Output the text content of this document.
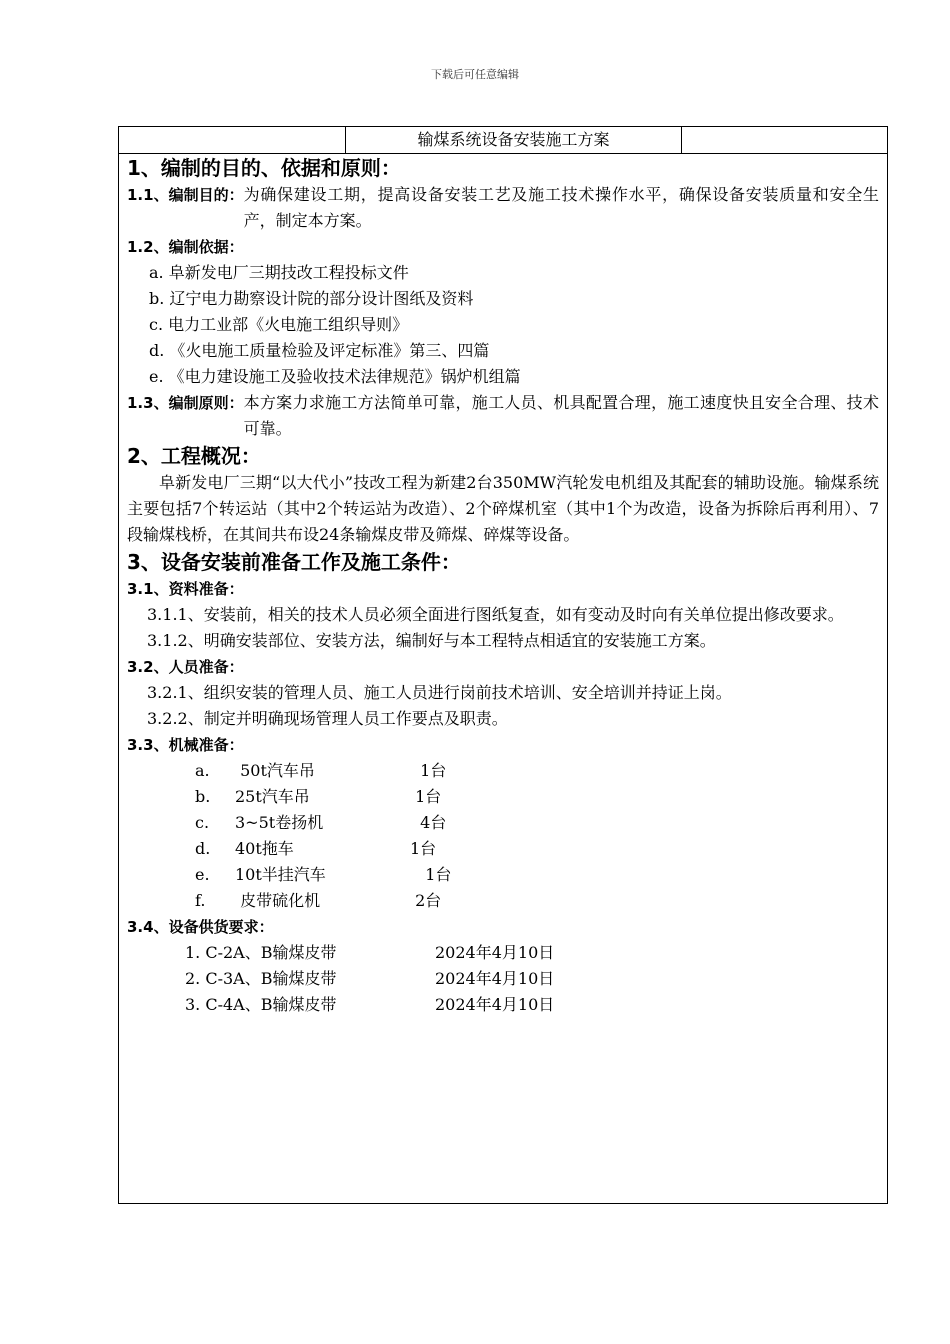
下载后可任意编辑
输煤系统设备安装施工方案
1、编制的目的、依据和原则：
1.1、编制目的： 为确保建设工期，提高设备安装工艺及施工技术操作水平，确保设备安装质量和安全生产，制定本方案。
1.2、编制依据：
a. 阜新发电厂三期技改工程投标文件
b. 辽宁电力勘察设计院的部分设计图纸及资料
c. 电力工业部《火电施工组织导则》
d. 《火电施工质量检验及评定标准》第三、四篇
e. 《电力建设施工及验收技术法律规范》锅炉机组篇
1.3、编制原则： 本方案力求施工方法简单可靠，施工人员、机具配置合理，施工速度快且安全合理、技术可靠。
2、工程概况：
阜新发电厂三期“以大代小”技改工程为新建2台350MW汽轮发电机组及其配套的辅助设施。输煤系统主要包括7个转运站（其中2个转运站为改造）、2个碎煤机室（其中1个为改造，设备为拆除后再利用）、7段输煤栈桥，在其间共布设24条输煤皮带及筛煤、碎煤等设备。
3、设备安装前准备工作及施工条件：
3.1、资料准备：
3.1.1、 安装前，相关的技术人员必须全面进行图纸复查，如有变动及时向有关单位提出修改要求。
3.1.2、明确安装部位、安装方法，编制好与本工程特点相适宜的安装施工方案。
3.2、人员准备：
3.2.1、组织安装的管理人员、施工人员进行岗前技术培训、安全培训并持证上岗。
3.2.2、制定并明确现场管理人员工作要点及职责。
3.3、机械准备：
a.	50t汽车吊	1台
b.	25t汽车吊	1台
c.	3~5t卷扬机	4台
d.	40t拖车	1台
e.	10t半挂汽车	1台
f.	皮带硫化机	2台
3.4、设备供货要求：
1. C-2A、B输煤皮带	2024年4月10日
2. C-3A、B输煤皮带	2024年4月10日
3. C-4A、B输煤皮带	2024年4月10日
